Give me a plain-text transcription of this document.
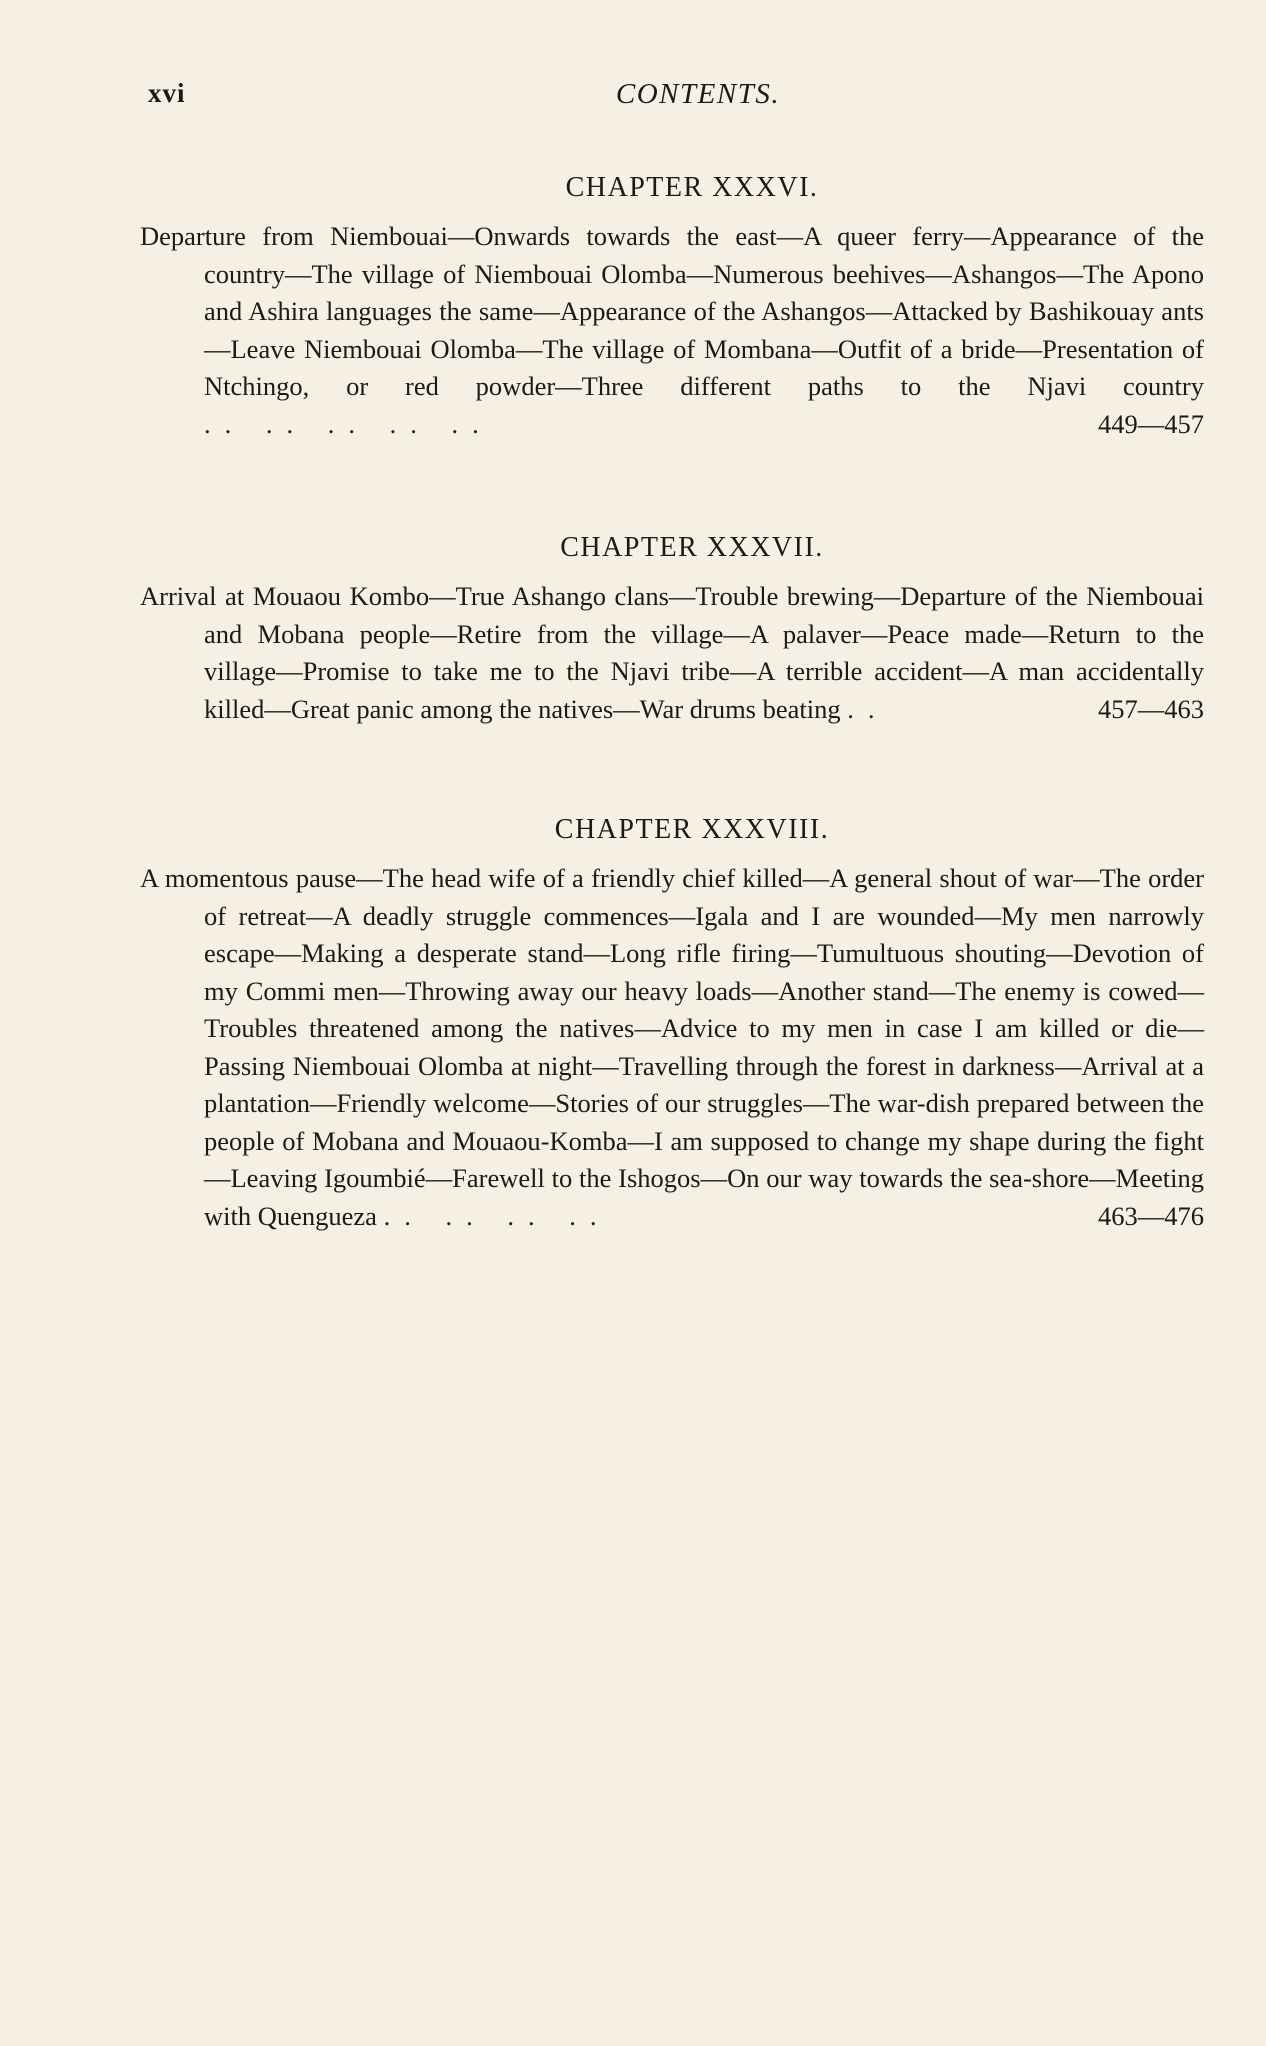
xvi	CONTENTS.
CHAPTER XXXVI.

Departure from Niembouai—Onwards towards the east—A queer ferry—Appearance of the country—The village of Niembouai Olomba—Numerous beehives—Ashangos—The Apono and Ashira languages the same—Appearance of the Ashangos—Attacked by Bashikouay ants—Leave Niembouai Olomba—The village of Mombana—Outfit of a bride—Presentation of Ntchingo, or red powder—Three different paths to the Njavi country .. .. .. .. ..	449—457

CHAPTER XXXVII.

Arrival at Mouaou Kombo—True Ashango clans—Trouble brewing—Departure of the Niembouai and Mobana people—Retire from the village—A palaver—Peace made—Return to the village—Promise to take me to the Njavi tribe—A terrible accident—A man accidentally killed—Great panic among the natives—War drums beating ..	457—463

CHAPTER XXXVIII.

A momentous pause—The head wife of a friendly chief killed—A general shout of war—The order of retreat—A deadly struggle commences—Igala and I are wounded—My men narrowly escape—Making a desperate stand—Long rifle firing—Tumultuous shouting—Devotion of my Commi men—Throwing away our heavy loads—Another stand—The enemy is cowed—Troubles threatened among the natives—Advice to my men in case I am killed or die—Passing Niembouai Olomba at night—Travelling through the forest in darkness—Arrival at a plantation—Friendly welcome—Stories of our struggles—The war-dish prepared between the people of Mobana and Mouaou-Komba—I am supposed to change my shape during the fight—Leaving Igoumbié—Farewell to the Ishogos—On our way towards the sea-shore—Meeting with Quengueza .. .. .. ..	463—476
